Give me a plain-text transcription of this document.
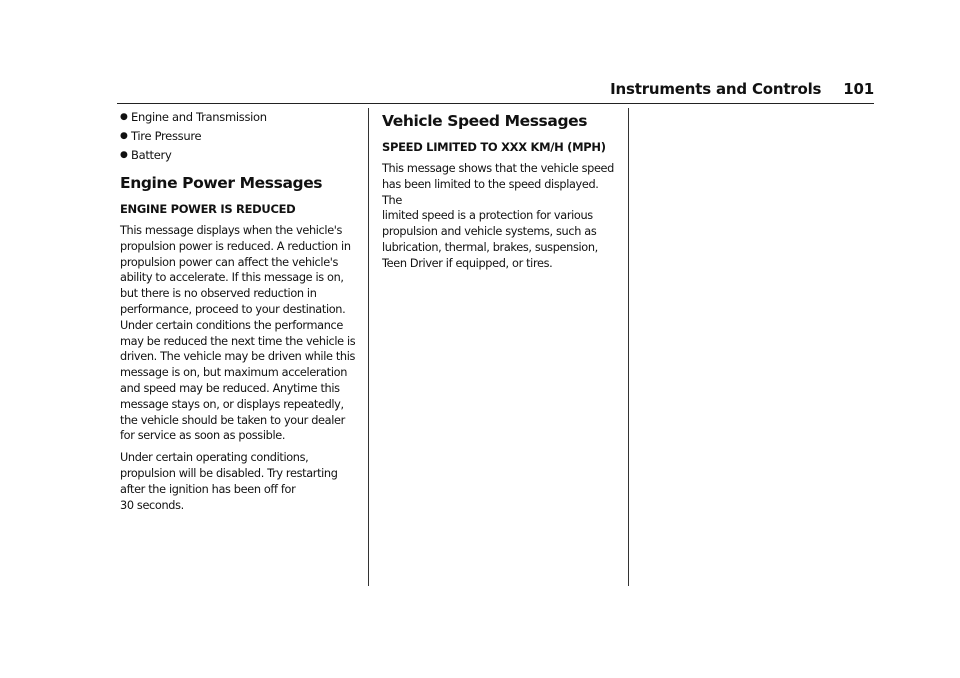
Instruments and Controls 101
● Engine and Transmission
● Tire Pressure
● Battery
Engine Power Messages
ENGINE POWER IS REDUCED

This message displays when the vehicle's
propulsion power is reduced. A reduction in
propulsion power can affect the vehicle's
ability to accelerate. If this message is on,
but there is no observed reduction in
performance, proceed to your destination.
Under certain conditions the performance
may be reduced the next time the vehicle is
driven. The vehicle may be driven while this
message is on, but maximum acceleration
and speed may be reduced. Anytime this
message stays on, or displays repeatedly,
the vehicle should be taken to your dealer
for service as soon as possible.

Under certain operating conditions,
propulsion will be disabled. Try restarting
after the ignition has been off for
30 seconds.

Vehicle Speed Messages
SPEED LIMITED TO XXX KM/H (MPH)

This message shows that the vehicle speed
has been limited to the speed displayed. The
limited speed is a protection for various
propulsion and vehicle systems, such as
lubrication, thermal, brakes, suspension,
Teen Driver if equipped, or tires.
